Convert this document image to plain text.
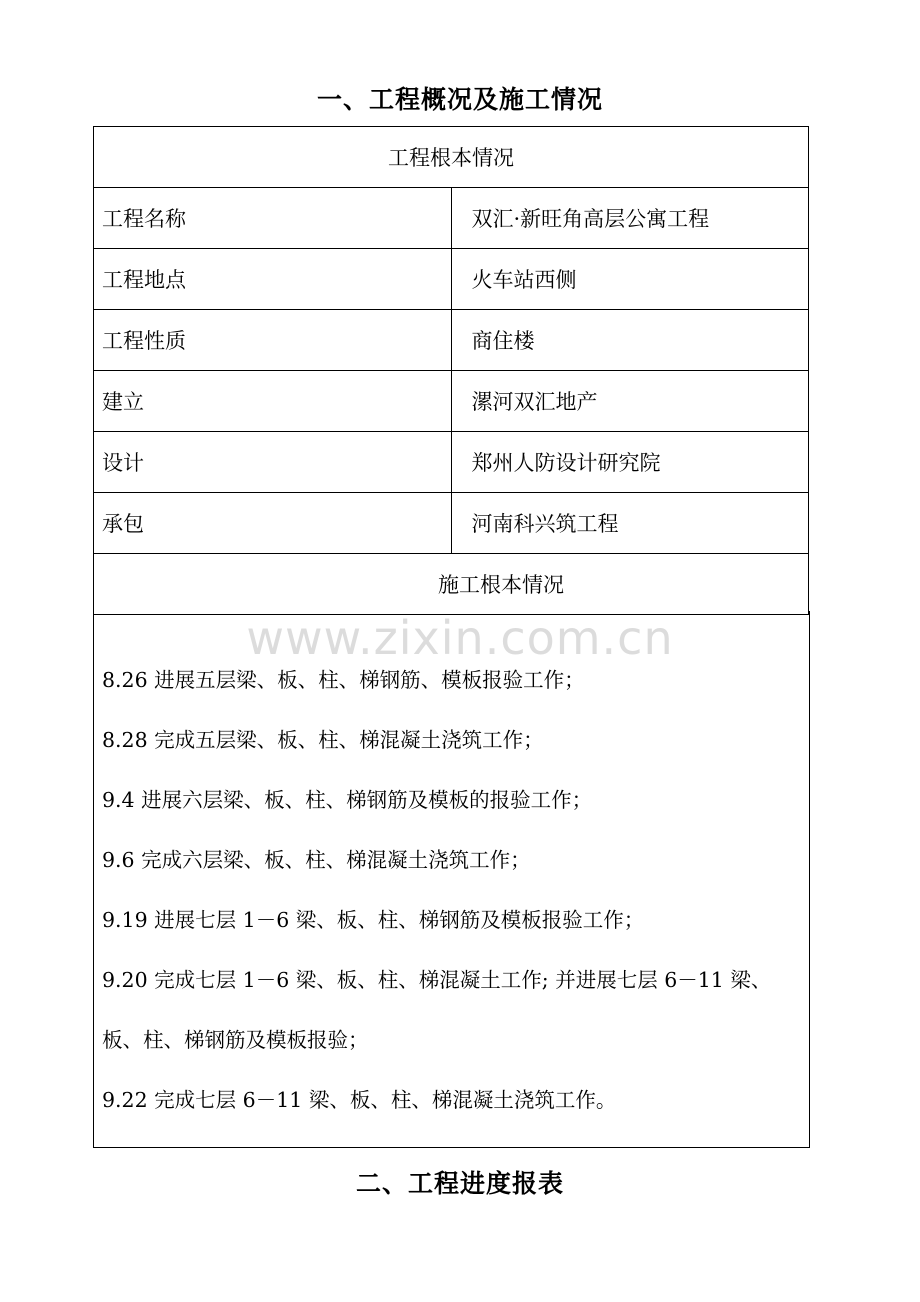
一、工程概况及施工情况
工程根本情况	
工程名称	双汇·新旺角高层公寓工程
工程地点	火车站西侧
工程性质	商住楼
建立	漯河双汇地产
设计	郑州人防设计研究院
承包	河南科兴筑工程
施工根本情况	
www.zixin.com.cn
8.26 进展五层梁、板、柱、梯钢筋、模板报验工作；
8.28 完成五层梁、板、柱、梯混凝土浇筑工作；
9.4 进展六层梁、板、柱、梯钢筋及模板的报验工作；
9.6 完成六层梁、板、柱、梯混凝土浇筑工作；
9.19 进展七层 1－6 梁、板、柱、梯钢筋及模板报验工作；
9.20 完成七层 1－6 梁、板、柱、梯混凝土工作; 并进展七层 6－11 梁、
板、柱、梯钢筋及模板报验；
9.22 完成七层 6－11 梁、板、柱、梯混凝土浇筑工作。
二、工程进度报表
